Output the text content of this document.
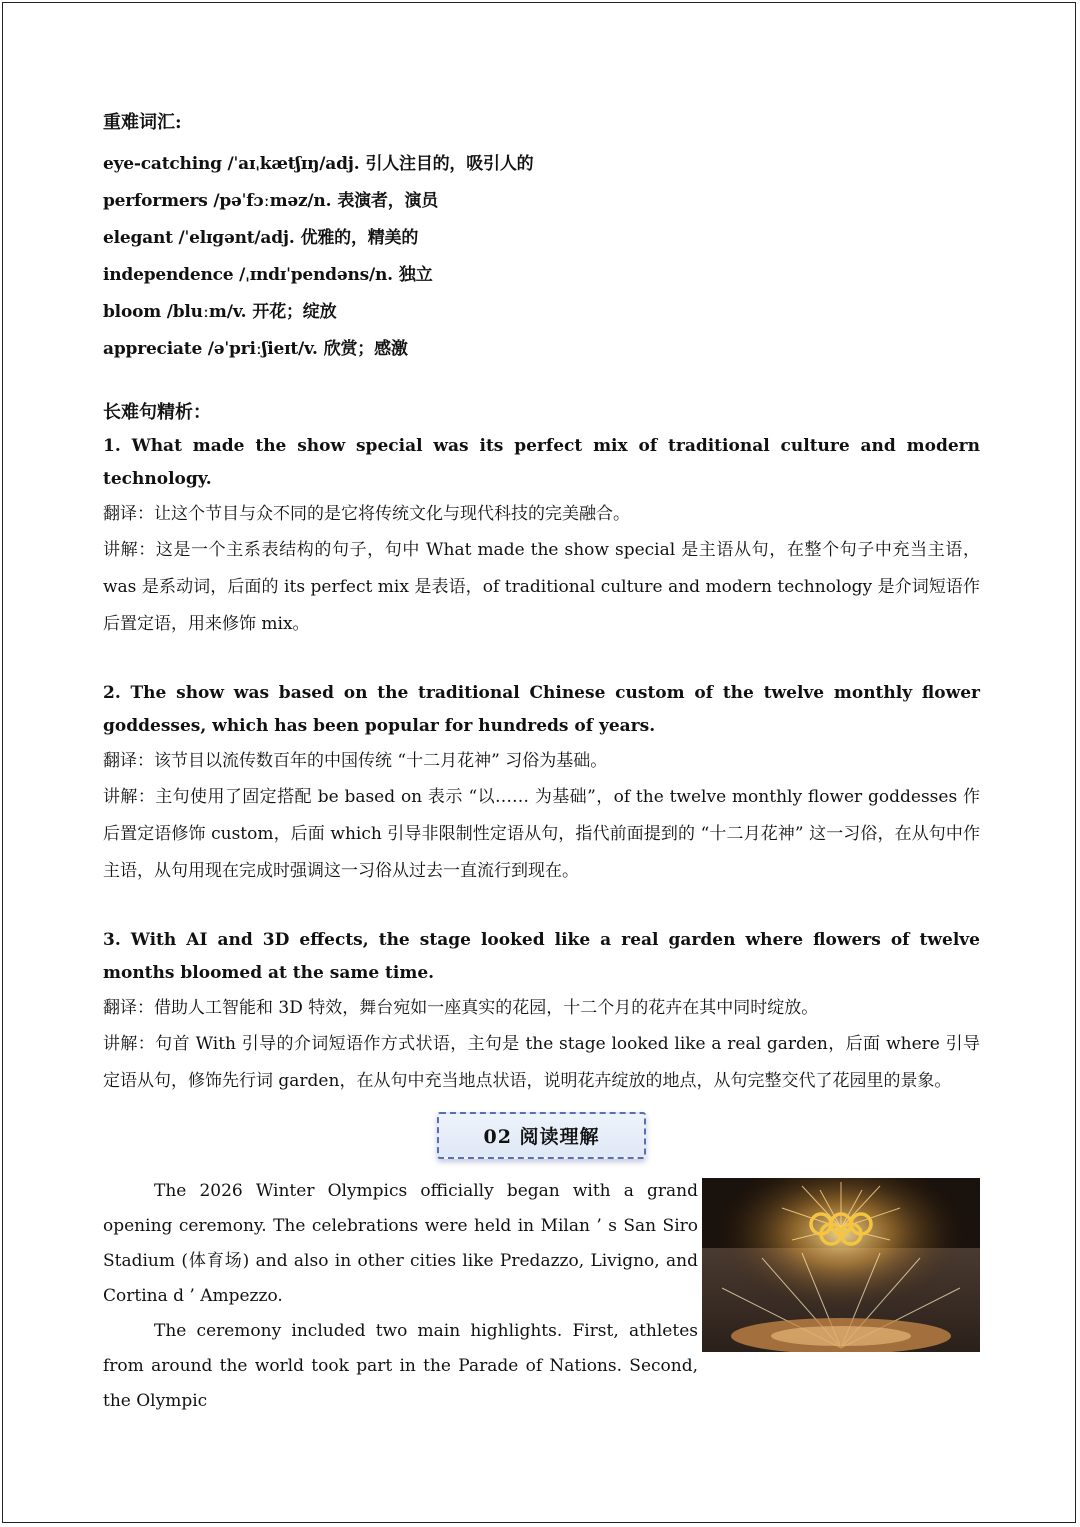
重难词汇:
eye-catching /ˈaɪˌkætʃɪŋ/adj. 引人注目的，吸引人的
performers /pəˈfɔːməz/n. 表演者，演员
elegant /ˈelɪɡənt/adj. 优雅的，精美的
independence /ˌɪndɪˈpendəns/n. 独立
bloom /bluːm/v. 开花；绽放
appreciate /əˈpriːʃieɪt/v. 欣赏；感激
长难句精析：
1. What made the show special was its perfect mix of traditional culture and modern technology.
翻译：让这个节目与众不同的是它将传统文化与现代科技的完美融合。
讲解：这是一个主系表结构的句子，句中 What made the show special 是主语从句，在整个句子中充当主语，was 是系动词，后面的 its perfect mix 是表语，of traditional culture and modern technology 是介词短语作后置定语，用来修饰 mix。
2. The show was based on the traditional Chinese custom of the twelve monthly flower goddesses, which has been popular for hundreds of years.
翻译：该节目以流传数百年的中国传统 “十二月花神” 习俗为基础。
讲解：主句使用了固定搭配 be based on 表示 “以…… 为基础”，of the twelve monthly flower goddesses 作后置定语修饰 custom，后面 which 引导非限制性定语从句，指代前面提到的 “十二月花神” 这一习俗，在从句中作主语，从句用现在完成时强调这一习俗从过去一直流行到现在。
3. With AI and 3D effects, the stage looked like a real garden where flowers of twelve months bloomed at the same time.
翻译：借助人工智能和 3D 特效，舞台宛如一座真实的花园，十二个月的花卉在其中同时绽放。
讲解：句首 With 引导的介词短语作方式状语，主句是 the stage looked like a real garden，后面 where 引导定语从句，修饰先行词 garden，在从句中充当地点状语，说明花卉绽放的地点，从句完整交代了花园里的景象。
02 阅读理解

The 2026 Winter Olympics officially began with a grand opening ceremony. The celebrations were held in Milan ’ s San Siro Stadium (体育场) and also in other cities like Predazzo, Livigno, and Cortina d ’ Ampezzo.

The ceremony included two main highlights. First, athletes from around the world took part in the Parade of Nations. Second, the Olympic
